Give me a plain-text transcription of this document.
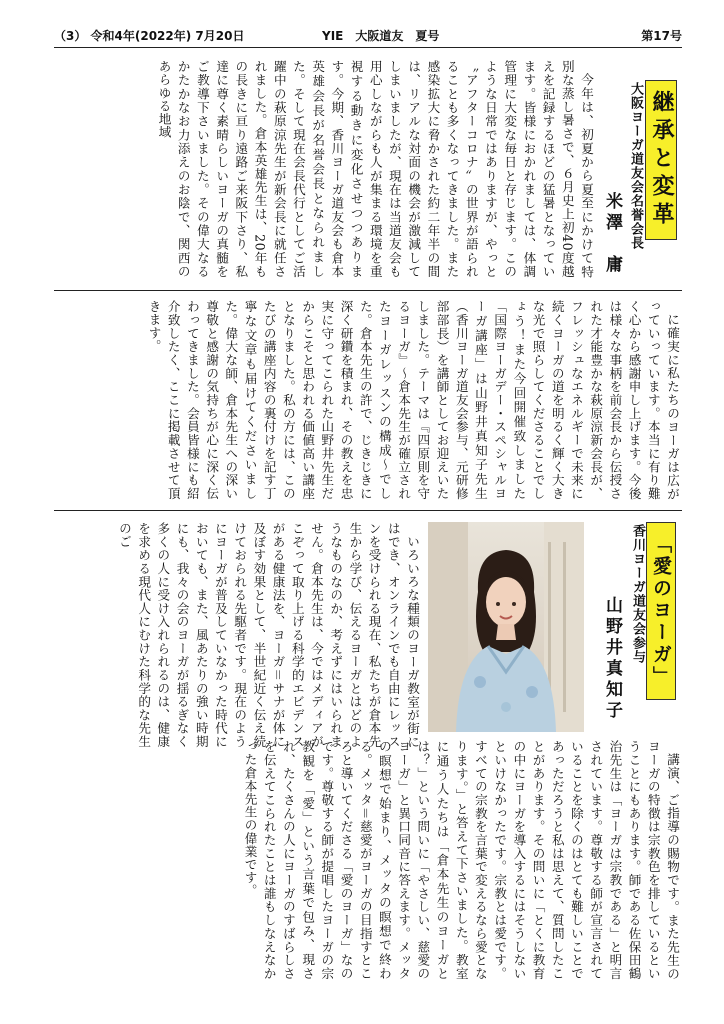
（3） 令和4年(2022年) 7月20日	YIE　大阪道友　夏号	第17号
継承と変革
大阪ヨーガ道友会名誉会長
米澤　庸

今年は、初夏から夏至にかけて特別な蒸し暑さで、６月史上初40度越えを記録するほどの猛暑となっています。皆様におかれましては、体調管理に大変な毎日と存じます。このような日常ではありますが、やっと〝アフターコロナ〟の世界が語られることも多くなってきました。また感染拡大に脅かされた約二年半の間は、リアルな対面の機会が激減してしまいましたが、現在は当道友会も用心しながらも人が集まる環境を重視する動きに変化させつつあります。今期、香川ヨーガ道友会も倉本英雄会長が名誉会長となられました。そして現在会長代行としてご活躍中の萩原涼先生が新会長に就任されました。倉本英雄先生は、20年もの長きに亘り遠路ご来阪下さり、私達に尊く素晴らしいヨーガの真髄をご教導下さいました。その偉大なるかたかなお力添えのお陰で、関西のあらゆる地域

に確実に私たちのヨーガは広がっていっています。本当に有り難く心から感謝申し上げます。今後は様々な事柄を前会長から伝授された才能豊かな萩原涼新会長が、フレッシュなエネルギーで未来に続くヨーガの道を明るく輝く大きな光で照らしてくださることでしょう！また今回開催致しました「国際ヨーガデー・スペシャルヨーガ講座」は山野井真知子先生（香川ヨーガ道友会参与、元研修部部長）を講師としてお迎えいたしました。テーマは『四原則を守るヨーガ』〜倉本先生が確立されたヨーガレッスンの構成〜でした。倉本先生の許で、じきじきに深く研鑽を積まれ、その教えを忠実に守ってこられた山野井先生だからこそと思われる価値高い講座となりました。私の方には、このたびの講座内容の裏付けを記す丁寧な文章も届けてくださいました。偉大な師、倉本先生への深い尊敬と感謝の気持ちが心に深く伝わってきました。会員皆様にも紹介致したく、ここに掲載させて頂きます。

「愛のヨーガ」
香川ヨーガ道友会参与
山野井真知子

いろいろな種類のヨーガ教室が街にはでき、オンラインでも自由にレッスンを受けられる現在、私たちが倉本先生から学び、伝えるヨーガとはどのようなものなのか、考えずにはいられません。倉本先生は、今ではメディアがこぞって取り上げる科学的エビデンスがある健康法を、ヨーガ＝サナが体に及ぼす効果として、半世紀近く伝え続けておられる先駆者です。現在のようにヨーガが普及していなかった時代においても、また、風あたりの強い時期にも、我々の会のヨーガが揺るぎなく多くの人に受け入れられるのは、健康を求める現代人にむけた科学的な先生のご

講演、ご指導の賜物です。また先生のヨーガの特徴は宗教色を排しているということにもあります。師である佐保田鶴治先生は「ヨーガは宗教である」と明言されています。尊敬する師が宣言されていることを除くのはとても難しいことであっただろうと私は思えて、質問したことがあります。その問いに「とくに教育の中にヨーガを導入するにはそうしないといけなかったです。宗教とは愛です。すべての宗教を言葉で変えるなら愛となります。」と答えて下さいました。教室に通う人たちは「倉本先生のヨーガとは？」という問いに「やさしい、慈愛のヨーガ」と異口同音に答えます。メッタの瞑想で始まり、メッタの瞑想で終わる。メッタ＝慈愛がヨーガの目指すところと導いてくださる「愛のヨーガ」なのです。尊敬する師が提唱したヨーガの宗教観を「愛」という言葉で包み、現され、たくさんの人にヨーガのすばらしさを伝えてこられたことは誰もしなえなかった倉本先生の偉業です。
